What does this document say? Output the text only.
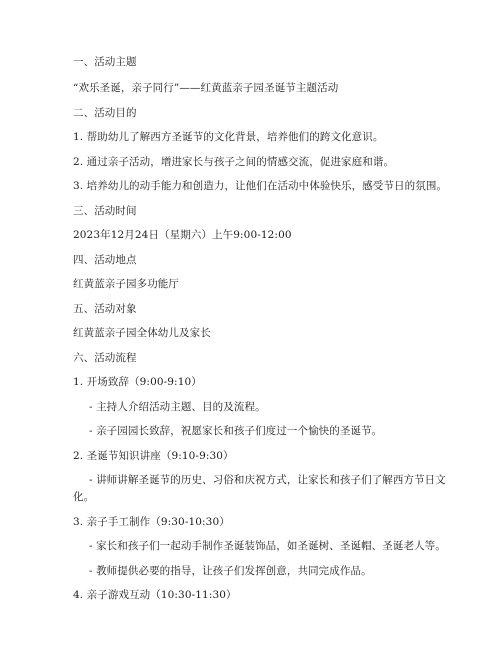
一、活动主题
“欢乐圣诞，亲子同行”——红黄蓝亲子园圣诞节主题活动
二、活动目的
1. 帮助幼儿了解西方圣诞节的文化背景，培养他们的跨文化意识。
2. 通过亲子活动，增进家长与孩子之间的情感交流，促进家庭和谐。
3. 培养幼儿的动手能力和创造力，让他们在活动中体验快乐，感受节日的氛围。
三、活动时间
2023年12月24日（星期六）上午9:00-12:00
四、活动地点
红黄蓝亲子园多功能厅
五、活动对象
红黄蓝亲子园全体幼儿及家长
六、活动流程
1. 开场致辞（9:00-9:10）
- 主持人介绍活动主题、目的及流程。
- 亲子园园长致辞，祝愿家长和孩子们度过一个愉快的圣诞节。
2. 圣诞节知识讲座（9:10-9:30）
- 讲师讲解圣诞节的历史、习俗和庆祝方式，让家长和孩子们了解西方节日文
化。
3. 亲子手工制作（9:30-10:30）
- 家长和孩子们一起动手制作圣诞装饰品，如圣诞树、圣诞帽、圣诞老人等。
- 教师提供必要的指导，让孩子们发挥创意，共同完成作品。
4. 亲子游戏互动（10:30-11:30）
